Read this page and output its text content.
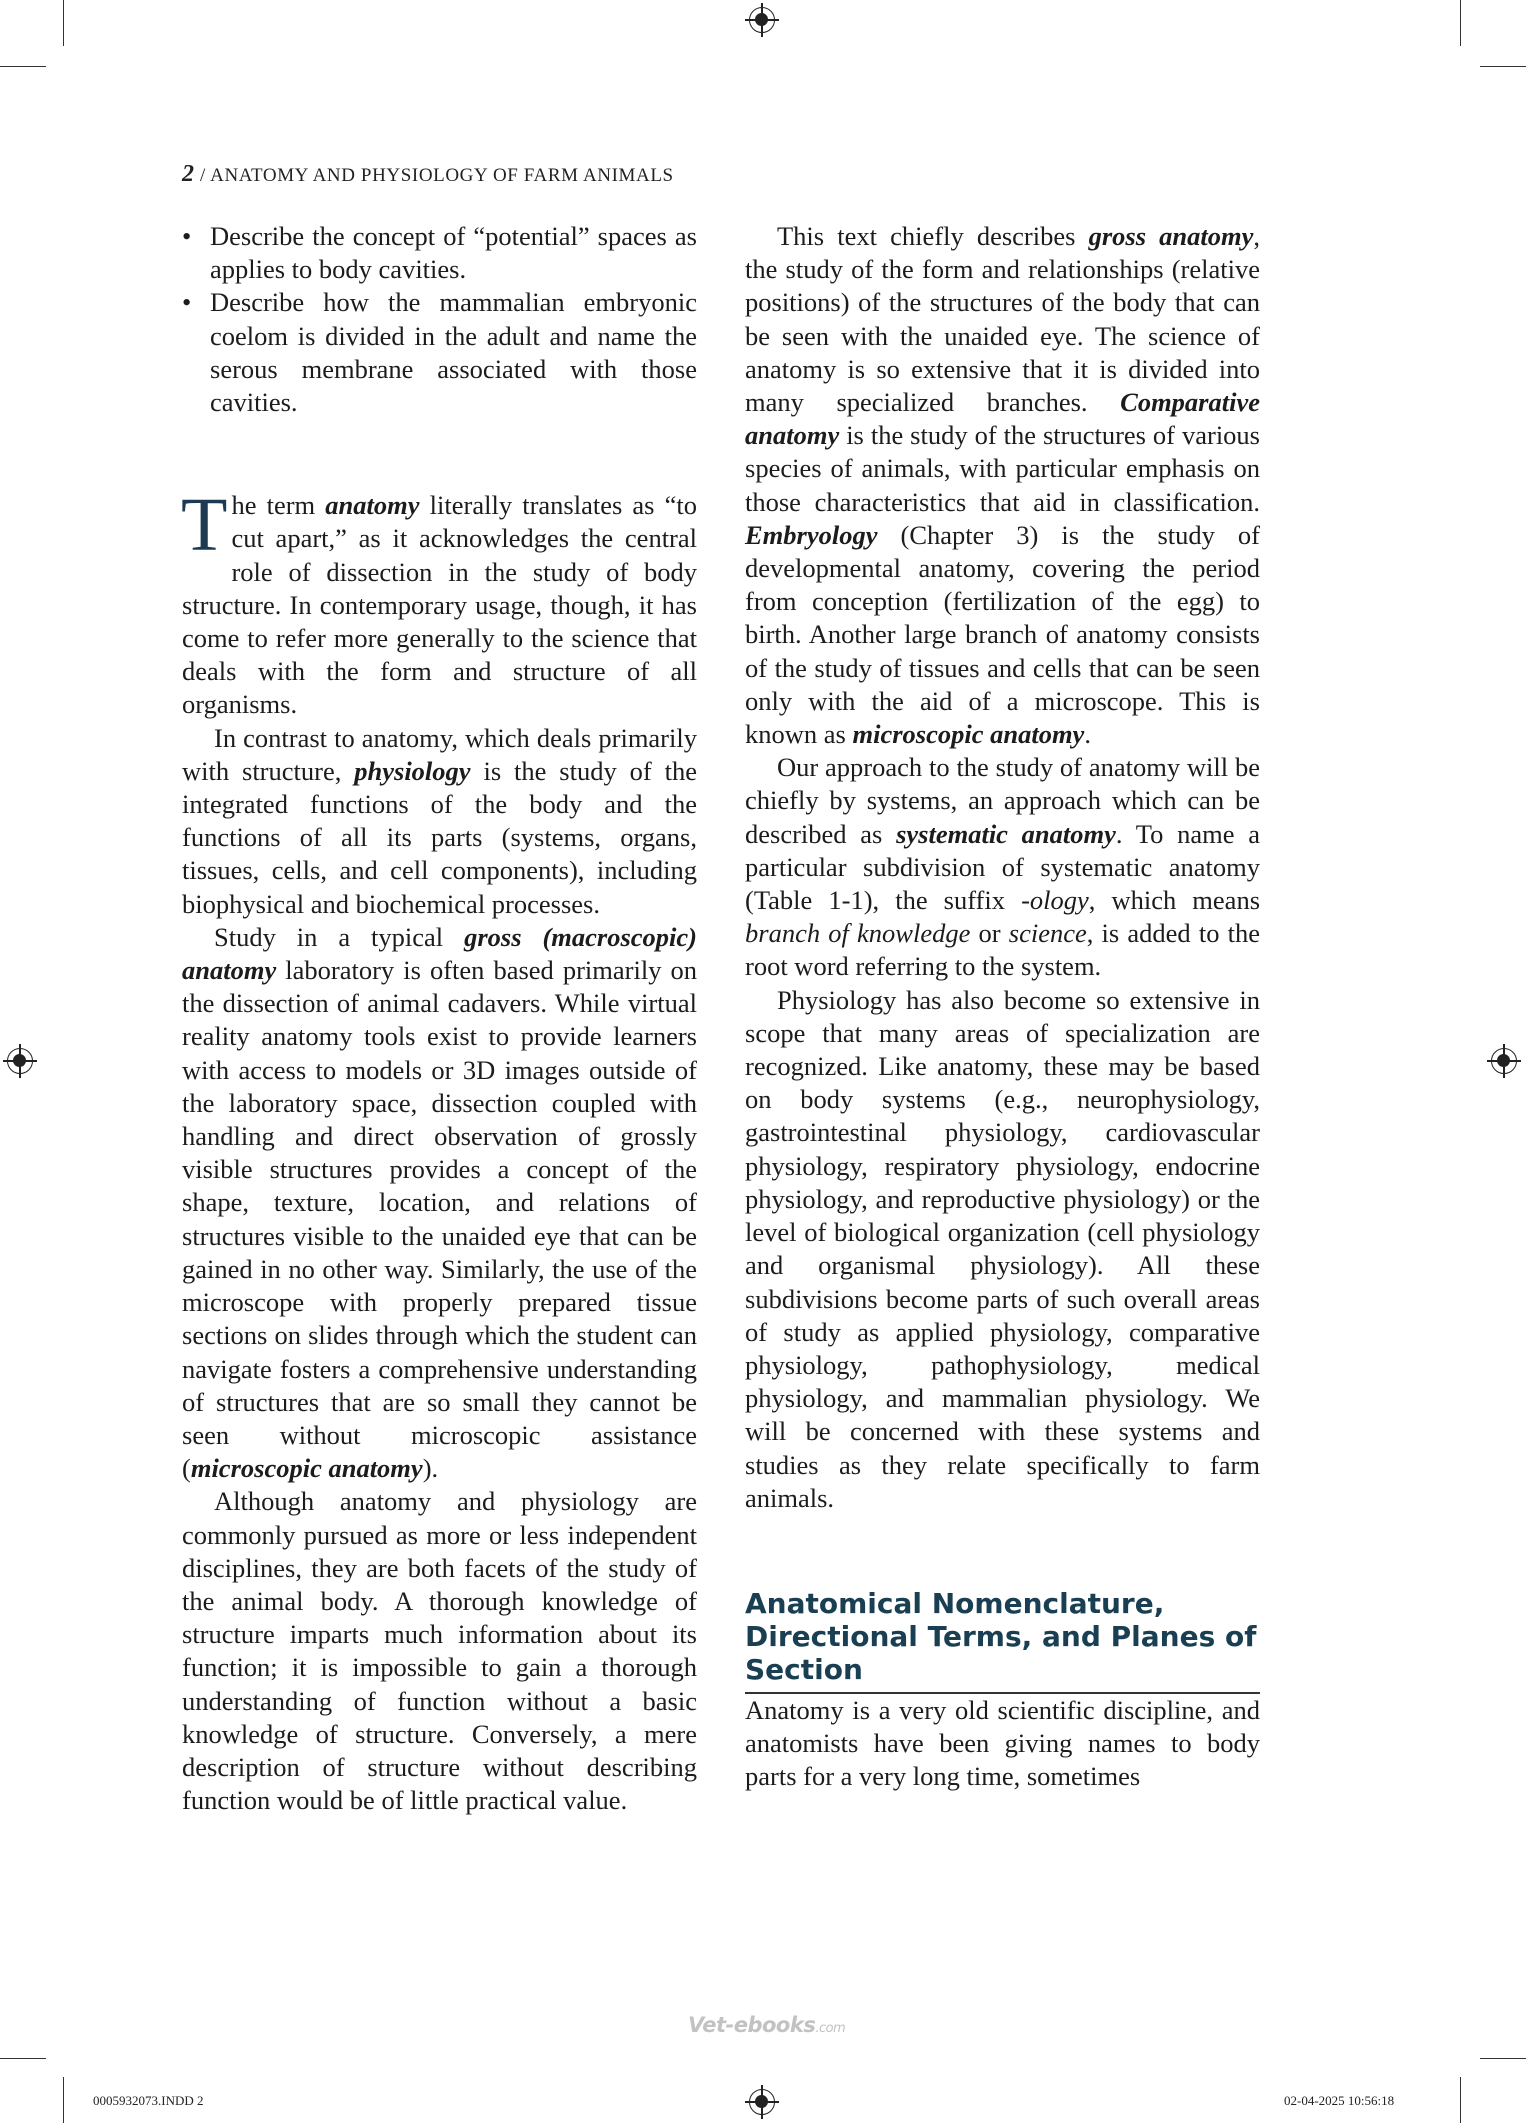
2 / ANATOMY AND PHYSIOLOGY OF FARM ANIMALS
• Describe the concept of “potential” spaces as applies to body cavities.
• Describe how the mammalian embryonic coelom is divided in the adult and name the serous membrane associated with those cavities.

The term anatomy literally translates as “to cut apart,” as it acknowledges the central role of dissection in the study of body structure. In contemporary usage, though, it has come to refer more generally to the science that deals with the form and structure of all organisms.

In contrast to anatomy, which deals primarily with structure, physiology is the study of the integrated functions of the body and the functions of all its parts (systems, organs, tissues, cells, and cell components), including biophysical and biochemical processes.

Study in a typical gross (macroscopic) anatomy laboratory is often based primarily on the dissection of animal cadavers. While virtual reality anatomy tools exist to provide learners with access to models or 3D images outside of the laboratory space, dissection coupled with handling and direct observation of grossly visible structures provides a concept of the shape, texture, location, and relations of structures visible to the unaided eye that can be gained in no other way. Similarly, the use of the microscope with properly prepared tissue sections on slides through which the student can navigate fosters a comprehensive understanding of structures that are so small they cannot be seen without microscopic assistance (microscopic anatomy).

Although anatomy and physiology are commonly pursued as more or less independent disciplines, they are both facets of the study of the animal body. A thorough knowledge of structure imparts much information about its function; it is impossible to gain a thorough understanding of function without a basic knowledge of structure. Conversely, a mere description of structure without describing function would be of little practical value.

This text chiefly describes gross anatomy, the study of the form and relationships (relative positions) of the structures of the body that can be seen with the unaided eye. The science of anatomy is so extensive that it is divided into many specialized branches. Comparative anatomy is the study of the structures of various species of animals, with particular emphasis on those characteristics that aid in classification. Embryology (Chapter 3) is the study of developmental anatomy, covering the period from conception (fertilization of the egg) to birth. Another large branch of anatomy consists of the study of tissues and cells that can be seen only with the aid of a microscope. This is known as microscopic anatomy.

Our approach to the study of anatomy will be chiefly by systems, an approach which can be described as systematic anatomy. To name a particular subdivision of systematic anatomy (Table 1-1), the suffix -ology, which means branch of knowledge or science, is added to the root word referring to the system.

Physiology has also become so extensive in scope that many areas of specialization are recognized. Like anatomy, these may be based on body systems (e.g., neurophysiology, gastrointestinal physiology, cardiovascular physiology, respiratory physiology, endocrine physiology, and reproductive physiology) or the level of biological organization (cell physiology and organismal physiology). All these subdivisions become parts of such overall areas of study as applied physiology, comparative physiology, pathophysiology, medical physiology, and mammalian physiology. We will be concerned with these systems and studies as they relate specifically to farm animals.

Anatomical Nomenclature, Directional Terms, and Planes of Section

Anatomy is a very old scientific discipline, and anatomists have been giving names to body parts for a very long time, sometimes

Vet-ebooks.com
0005932073.INDD 2	02-04-2025 10:56:18
